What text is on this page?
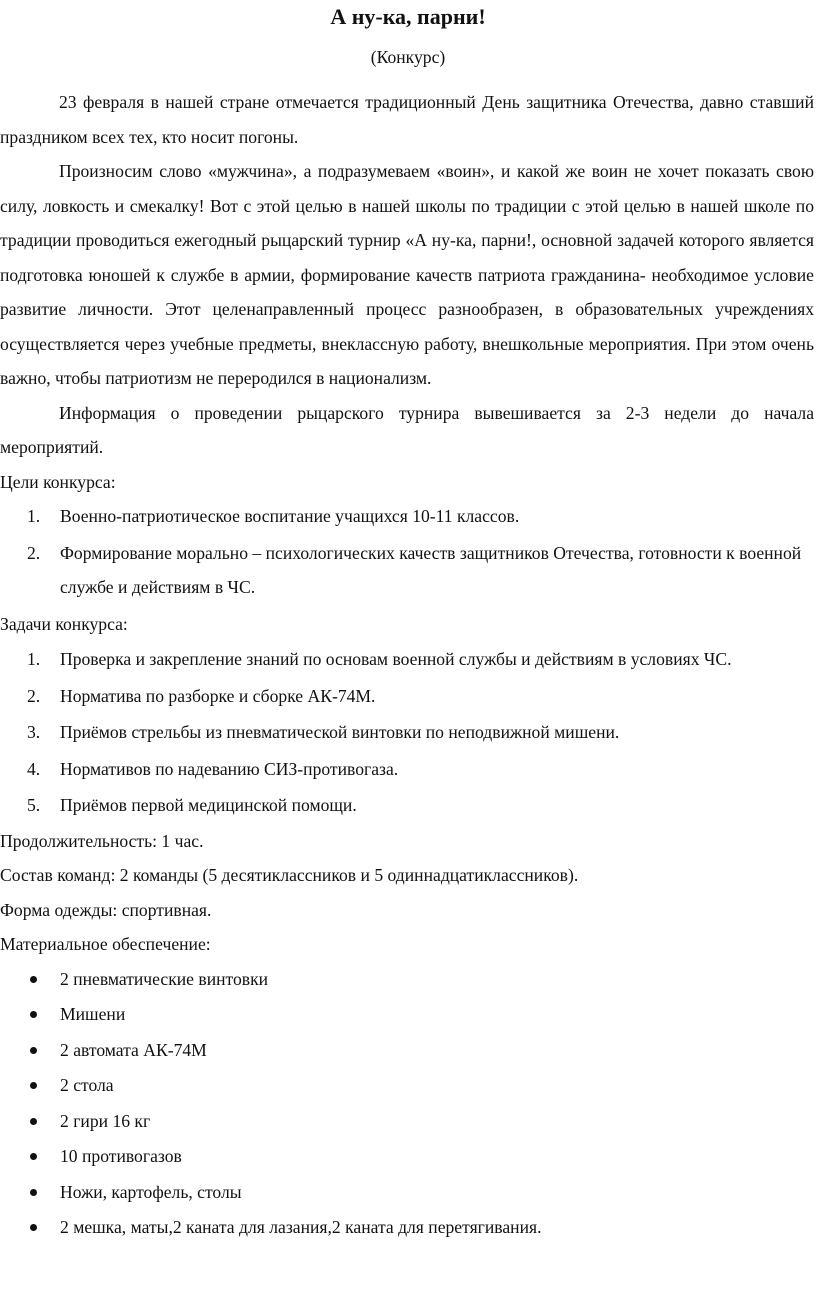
А ну-ка, парни!
(Конкурс)

23 февраля в нашей стране отмечается традиционный День защитника Отечества, давно ставший праздником всех тех, кто носит погоны.

Произносим слово «мужчина», а подразумеваем «воин», и какой же воин не хочет показать свою силу, ловкость и смекалку! Вот с этой целью в нашей школы по традиции с этой целью в нашей школе по традиции проводиться ежегодный рыцарский турнир «А ну-ка, парни!, основной задачей которого является подготовка юношей к службе в армии, формирование качеств патриота гражданина- необходимое условие развитие личности. Этот целенаправленный процесс разнообразен, в образовательных учреждениях осуществляется через учебные предметы, внеклассную работу, внешкольные мероприятия. При этом очень важно, чтобы патриотизм не переродился в национализм.

Информация о проведении рыцарского турнира вывешивается за 2-3 недели до начала мероприятий.

Цели конкурса:

1. Военно-патриотическое воспитание учащихся 10-11 классов.
2. Формирование морально – психологических качеств защитников Отечества, готовности к военной службе и действиям в ЧС.

Задачи конкурса:

1. Проверка и закрепление знаний по основам военной службы и действиям в условиях ЧС.
2. Норматива по разборке и сборке АК-74М.
3. Приёмов стрельбы из пневматической винтовки по неподвижной мишени.
4. Нормативов по надеванию СИЗ-противогаза.
5. Приёмов первой медицинской помощи.

Продолжительность: 1 час.

Состав команд: 2 команды (5 десятиклассников и 5 одиннадцатиклассников).

Форма одежды: спортивная.

Материальное обеспечение:

2 пневматические винтовки
Мишени
2 автомата АК-74М
2 стола
2 гири 16 кг
10 противогазов
Ножи, картофель, столы
2 мешка, маты,2 каната для лазания,2 каната для перетягивания.
